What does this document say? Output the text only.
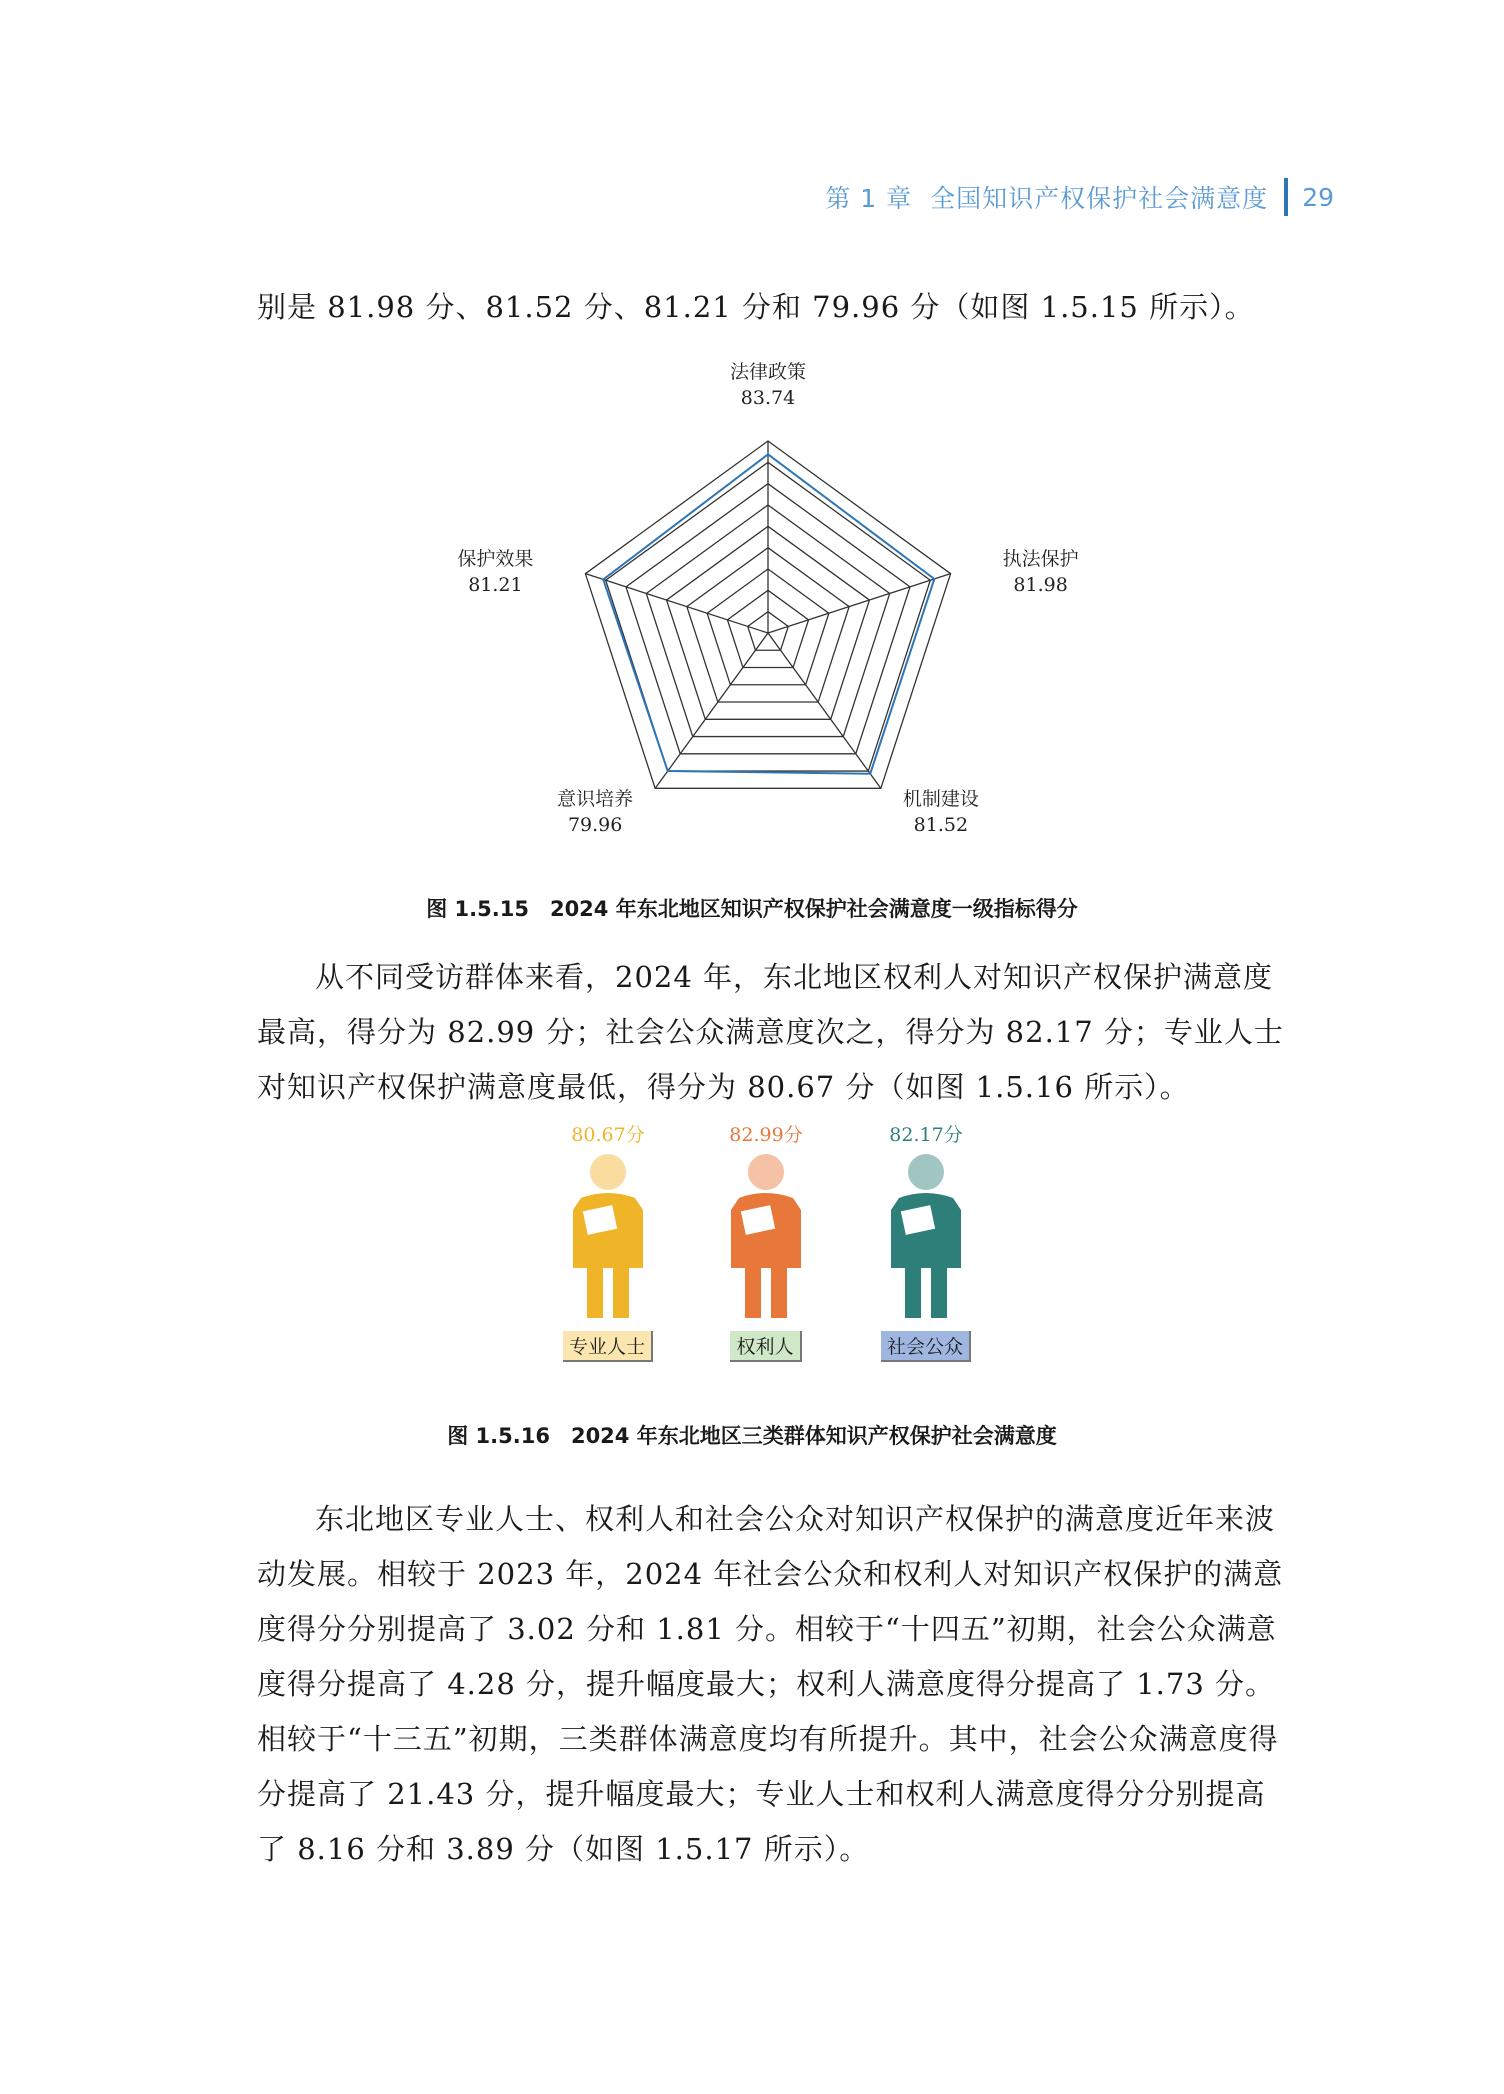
第 1 章 全国知识产权保护社会满意度 29

别是 81.98 分、81.52 分、81.21 分和 79.96 分（如图 1.5.15 所示）。

法律政策
83.74
执法保护
81.98
机制建设
81.52
意识培养
79.96
保护效果
81.21
图 1.5.15　2024 年东北地区知识产权保护社会满意度一级指标得分

从不同受访群体来看，2024 年，东北地区权利人对知识产权保护满意度最高，得分为 82.99 分；社会公众满意度次之，得分为 82.17 分；专业人士对知识产权保护满意度最低，得分为 80.67 分（如图 1.5.16 所示）。

80.67分
专业人士
82.99分
权利人
82.17分
社会公众
图 1.5.16　2024 年东北地区三类群体知识产权保护社会满意度

东北地区专业人士、权利人和社会公众对知识产权保护的满意度近年来波动发展。相较于 2023 年，2024 年社会公众和权利人对知识产权保护的满意度得分分别提高了 3.02 分和 1.81 分。相较于“十四五”初期，社会公众满意度得分提高了 4.28 分，提升幅度最大；权利人满意度得分提高了 1.73 分。相较于“十三五”初期，三类群体满意度均有所提升。其中，社会公众满意度得分提高了 21.43 分，提升幅度最大；专业人士和权利人满意度得分分别提高了 8.16 分和 3.89 分（如图 1.5.17 所示）。
